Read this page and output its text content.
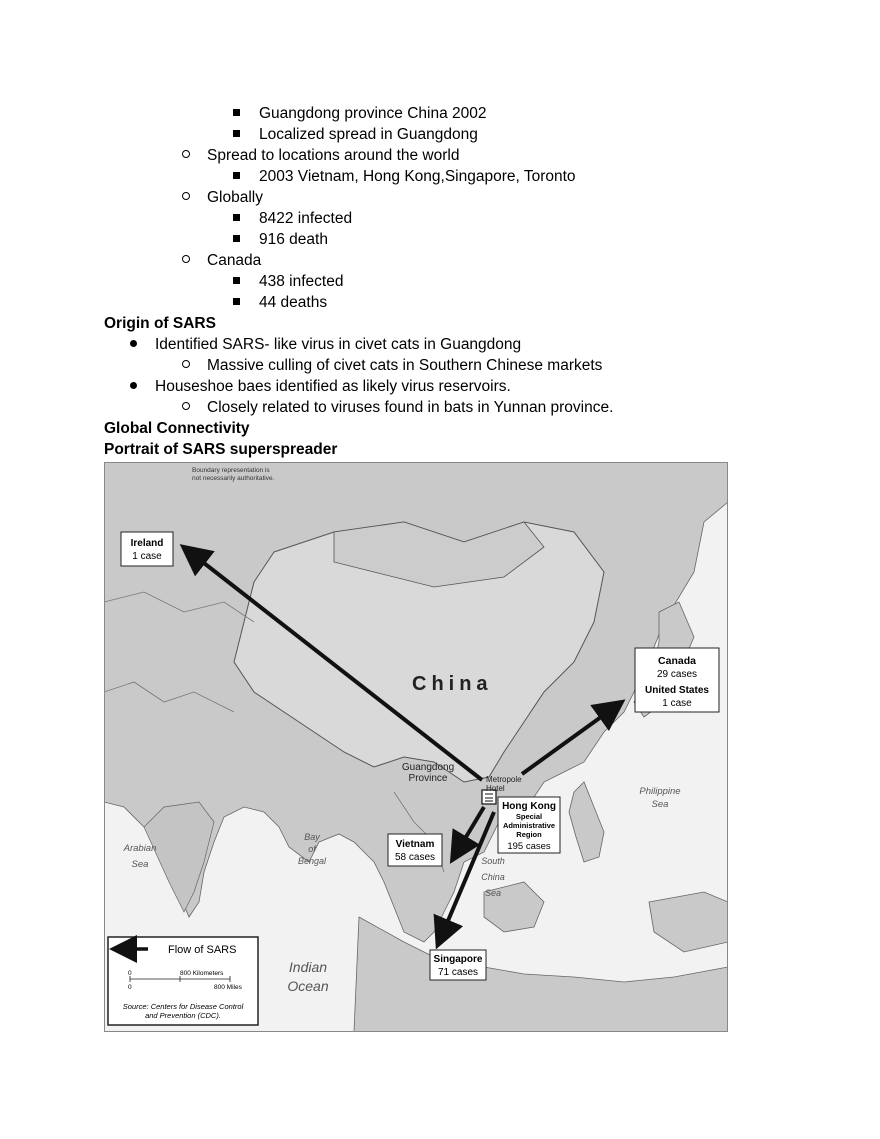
Guangdong province China 2002
Localized spread in Guangdong
Spread to locations around the world
2003 Vietnam, Hong Kong,Singapore, Toronto
Globally
8422 infected
916 death
Canada
438 infected
44 deaths
Origin of SARS
Identified SARS- like virus in civet cats in Guangdong
Massive culling of civet cats in Southern Chinese markets
Houseshoe baes identified as likely virus reservoirs.
Closely related to viruses found in bats in Yunnan province.
Global Connectivity
Portrait of SARS superspreader
Boundary representation is
not necessarily authoritative.
China
Ireland
1 case
Canada
29 cases
United States
1 case
Guangdong
Province	Metropole
Hotel
Hong Kong
Special
Administrative
Region
195 cases
Vietnam
58 cases
Singapore
71 cases
Philippine
Sea
Arabian
Sea
Bay
of
Bengal	South
China
Sea
Indian
Ocean
Flow of SARS
0	800 Kilometers
0	800 Miles
Source: Centers for Disease Control
and Prevention (CDC).
